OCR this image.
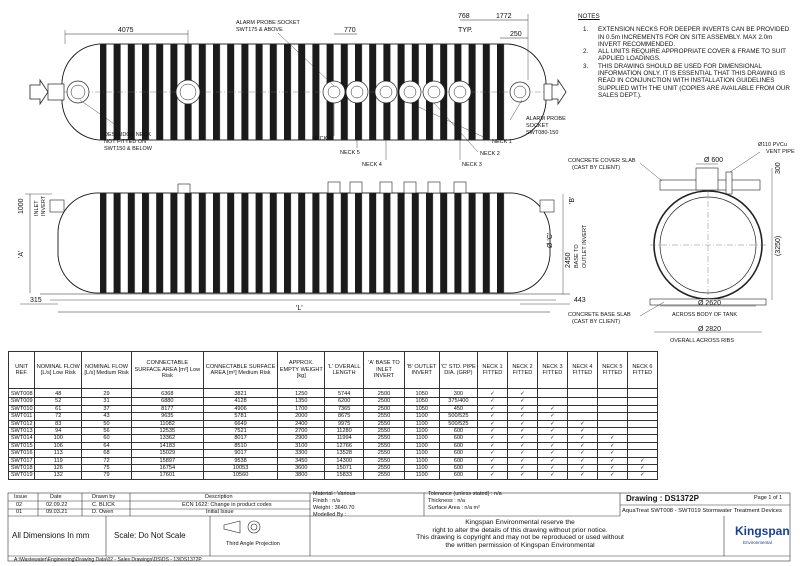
4075	770
768
TYP.
1772
250
ALARM PROBE SOCKET
SWT175 & ABOVE
DESLUDGE NECK
NOT FITTED ON
SWT150 & BELOW
ALARM PROBE
SOCKET
SWT080-150
NECK 6
NECK 5
NECK 4	NECK 3
NECK 2
NECK 1
'A'
1000 INLET INVERT	'B'
Ø 'C'
2450 BASE TO OUTLET INVERT
315
'L'
443
300
(3250)
CONCRETE COVER SLAB
(CAST BY CLIENT)
Ø110 PVCu
VENT PIPE
Ø 600
CONCRETE BASE SLAB
(CAST BY CLIENT)
Ø 2620
ACROSS BODY OF TANK
Ø 2820
OVERALL ACROSS RIBS
NOTES
1. EXTENSION NECKS FOR DEEPER INVERTS CAN BE PROVIDED IN 0.5m INCREMENTS FOR ON SITE ASSEMBLY. MAX 2.0m INVERT RECOMMENDED.
2. ALL UNITS REQUIRE APPROPRIATE COVER & FRAME TO SUIT APPLIED LOADINGS.
3. THIS DRAWING SHOULD BE USED FOR DIMENSIONAL INFORMATION ONLY. IT IS ESSENTIAL THAT THIS DRAWING IS READ IN CONJUNCTION WITH INSTALLATION GUIDELINES SUPPLIED WITH THE UNIT (COPIES ARE AVAILABLE FROM OUR SALES DEPT.).
UNIT REF.	NOMINAL FLOW [L/s] Low Risk	NOMINAL FLOW [L/s] Medium Risk	CONNECTABLE SURFACE AREA [m²] Low Risk	CONNECTABLE SURFACE AREA [m²] Medium Risk	APPROX. EMPTY WEIGHT [kg]	'L' OVERALL LENGTH	'A' BASE TO INLET INVERT	'B' OUTLET INVERT	'C' STD. PIPE DIA. (GRP)	NECK 1 FITTED	NECK 2 FITTED	NECK 3 FITTED	NECK 4 FITTED	NECK 5 FITTED	NECK 6 FITTED
SWT008	48	29	6368	3821	1250	5744	2500	1050	300	✓	✓				
SWT009	52	31	6880	4128	1350	6200	2500	1050	375/400	✓	✓				
SWT010	61	37	8177	4906	1700	7365	2500	1050	450	✓	✓	✓			
SWT011	72	43	9635	5781	2000	8675	2550	1100	500/525	✓	✓	✓			
SWT012	83	50	11082	6649	2400	9975	2550	1100	500/525	✓	✓	✓	✓		
SWT013	94	56	12535	7521	2700	11280	2550	1100	600	✓	✓	✓	✓		
SWT014	100	60	13362	8017	2900	11994	2550	1100	600	✓	✓	✓	✓	✓	
SWT015	106	64	14183	8510	3100	12766	2550	1100	600	✓	✓	✓	✓	✓	
SWT016	113	68	15029	9017	3300	13528	2550	1100	600	✓	✓	✓	✓	✓	
SWT017	119	72	15897	9538	3450	14300	2550	1100	600	✓	✓	✓	✓	✓	✓
SWT018	126	75	16754	10053	3600	15071	2550	1100	600	✓	✓	✓	✓	✓	✓
SWT019	132	79	17601	10560	3800	15833	2550	1100	600	✓	✓	✓	✓	✓	✓
Issue	Date	Drawn by	Description
02	02.09.22	C. BLICK	ECN 1622: Change in product codes
01	09.03.21	D. Owen	Initial Issue
Material : Various
Finish : n/a
Weight : 3640.70
Modelled By :
Tolerance (unless stated) : n/a
Thickness : n/a
Surface Area : n/a m²
Drawing : DS1372P	Page 1 of 1
AquaTreat SWT008 - SWT019 Stormwater Treatment Devices
All Dimensions In mm	Scale: Do Not Scale
Third Angle Projection
Kingspan Environmental reserve the
right to alter the details of this drawing without prior notice.
This drawing is copyright and may not be reproduced or used without
the written permission of Kingspan Environmental
Kingspan
Environmental
A:\Wastewater\Engineering\Drawing Data\02 - Sales Drawings\DS\DS - 13\DS1372P
